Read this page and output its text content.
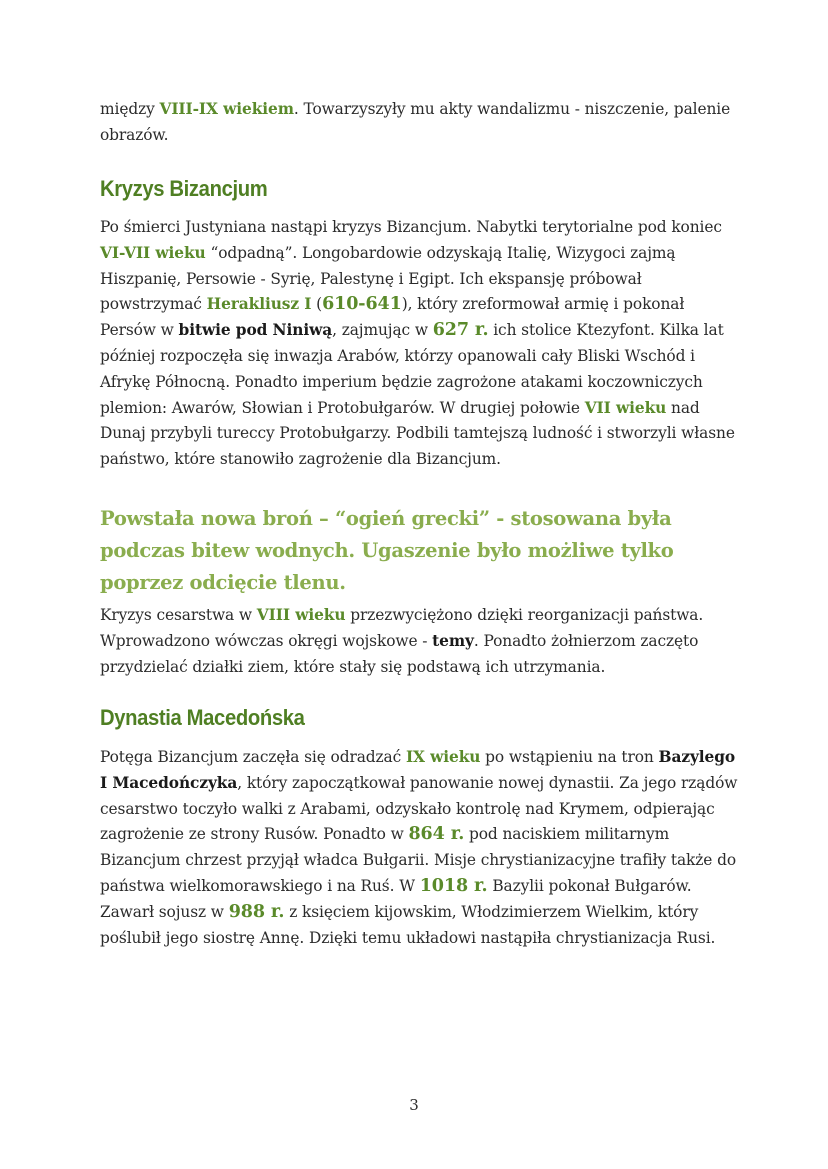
między VIII-IX wiekiem. Towarzyszyły mu akty wandalizmu - niszczenie, palenie obrazów.

Kryzys Bizancjum

Po śmierci Justyniana nastąpi kryzys Bizancjum. Nabytki terytorialne pod koniec VI-VII wieku “odpadną”. Longobardowie odzyskają Italię, Wizygoci zajmą Hiszpanię, Persowie - Syrię, Palestynę i Egipt. Ich ekspansję próbował powstrzymać Herakliusz I (610-641), który zreformował armię i pokonał Persów w bitwie pod Niniwą, zajmując w 627 r. ich stolice Ktezyfont. Kilka lat później rozpoczęła się inwazja Arabów, którzy opanowali cały Bliski Wschód i Afrykę Północną. Ponadto imperium będzie zagrożone atakami koczowniczych plemion: Awarów, Słowian i Protobułgarów. W drugiej połowie VII wieku nad Dunaj przybyli tureccy Protobułgarzy. Podbili tamtejszą ludność i stworzyli własne państwo, które stanowiło zagrożenie dla Bizancjum.

Powstała nowa broń – “ogień grecki” - stosowana była podczas bitew wodnych. Ugaszenie było możliwe tylko poprzez odcięcie tlenu.

Kryzys cesarstwa w VIII wieku przezwyciężono dzięki reorganizacji państwa. Wprowadzono wówczas okręgi wojskowe - temy. Ponadto żołnierzom zaczęto przydzielać działki ziem, które stały się podstawą ich utrzymania.

Dynastia Macedońska

Potęga Bizancjum zaczęła się odradzać IX wieku po wstąpieniu na tron Bazylego I Macedończyka, który zapoczątkował panowanie nowej dynastii. Za jego rządów cesarstwo toczyło walki z Arabami, odzyskało kontrolę nad Krymem, odpierając zagrożenie ze strony Rusów. Ponadto w 864 r. pod naciskiem militarnym Bizancjum chrzest przyjął władca Bułgarii. Misje chrystianizacyjne trafiły także do państwa wielkomorawskiego i na Ruś. W 1018 r. Bazylii pokonał Bułgarów. Zawarł sojusz w 988 r. z księciem kijowskim, Włodzimierzem Wielkim, który poślubił jego siostrę Annę. Dzięki temu układowi nastąpiła chrystianizacja Rusi.

3
